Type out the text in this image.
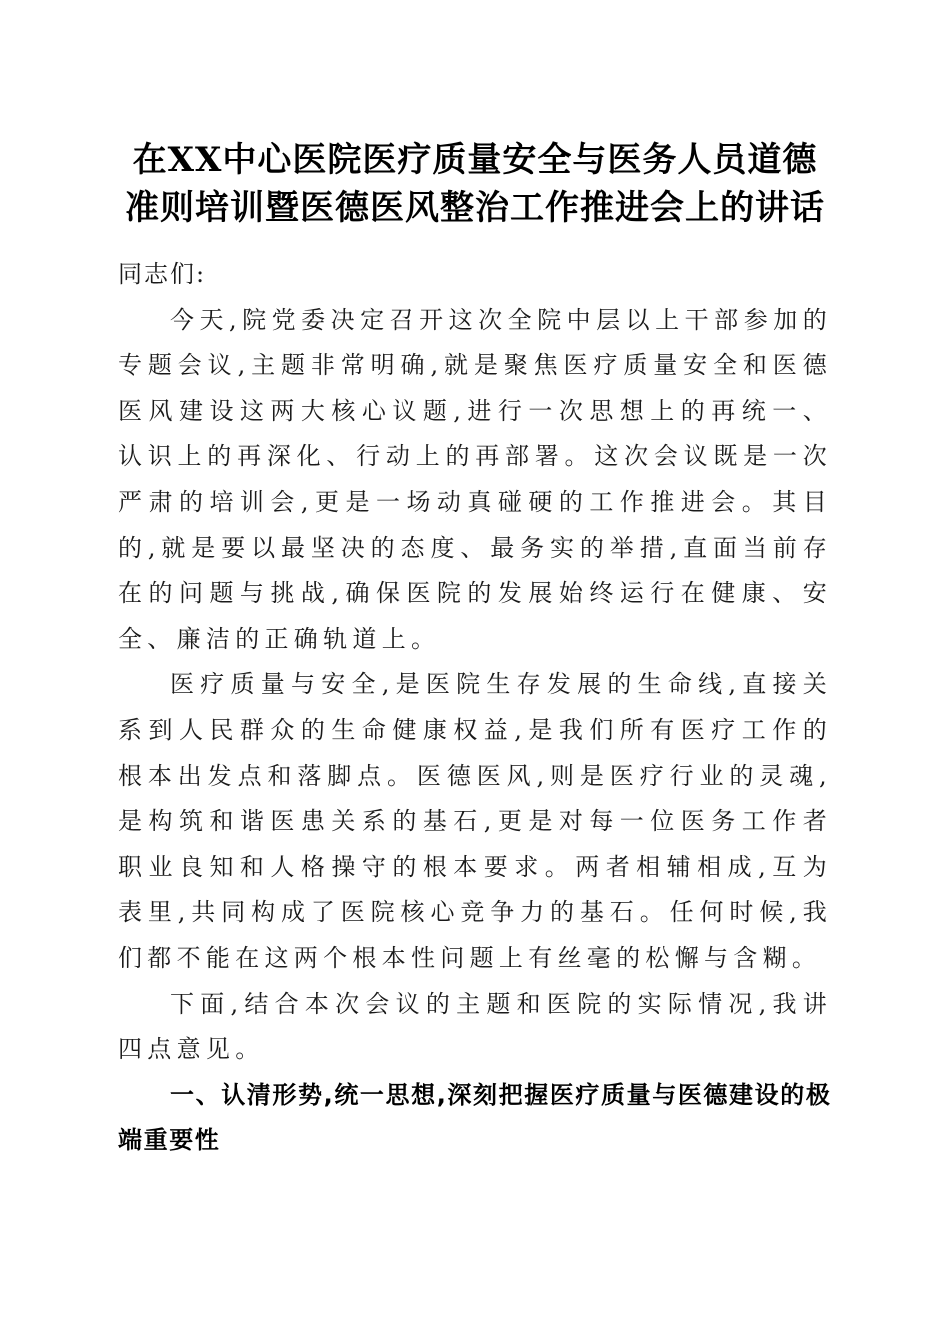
在XX中心医院医疗质量安全与医务人员道德
准则培训暨医德医风整治工作推进会上的讲话

同志们:

今天,院党委决定召开这次全院中层以上干部参加的专题会议,主题非常明确,就是聚焦医疗质量安全和医德医风建设这两大核心议题,进行一次思想上的再统一、认识上的再深化、行动上的再部署。这次会议既是一次严肃的培训会,更是一场动真碰硬的工作推进会。其目的,就是要以最坚决的态度、最务实的举措,直面当前存在的问题与挑战,确保医院的发展始终运行在健康、安全、廉洁的正确轨道上。

医疗质量与安全,是医院生存发展的生命线,直接关系到人民群众的生命健康权益,是我们所有医疗工作的根本出发点和落脚点。医德医风,则是医疗行业的灵魂,是构筑和谐医患关系的基石,更是对每一位医务工作者职业良知和人格操守的根本要求。两者相辅相成,互为表里,共同构成了医院核心竞争力的基石。任何时候,我们都不能在这两个根本性问题上有丝毫的松懈与含糊。

下面,结合本次会议的主题和医院的实际情况,我讲四点意见。

一、认清形势,统一思想,深刻把握医疗质量与医德建设的极端重要性
